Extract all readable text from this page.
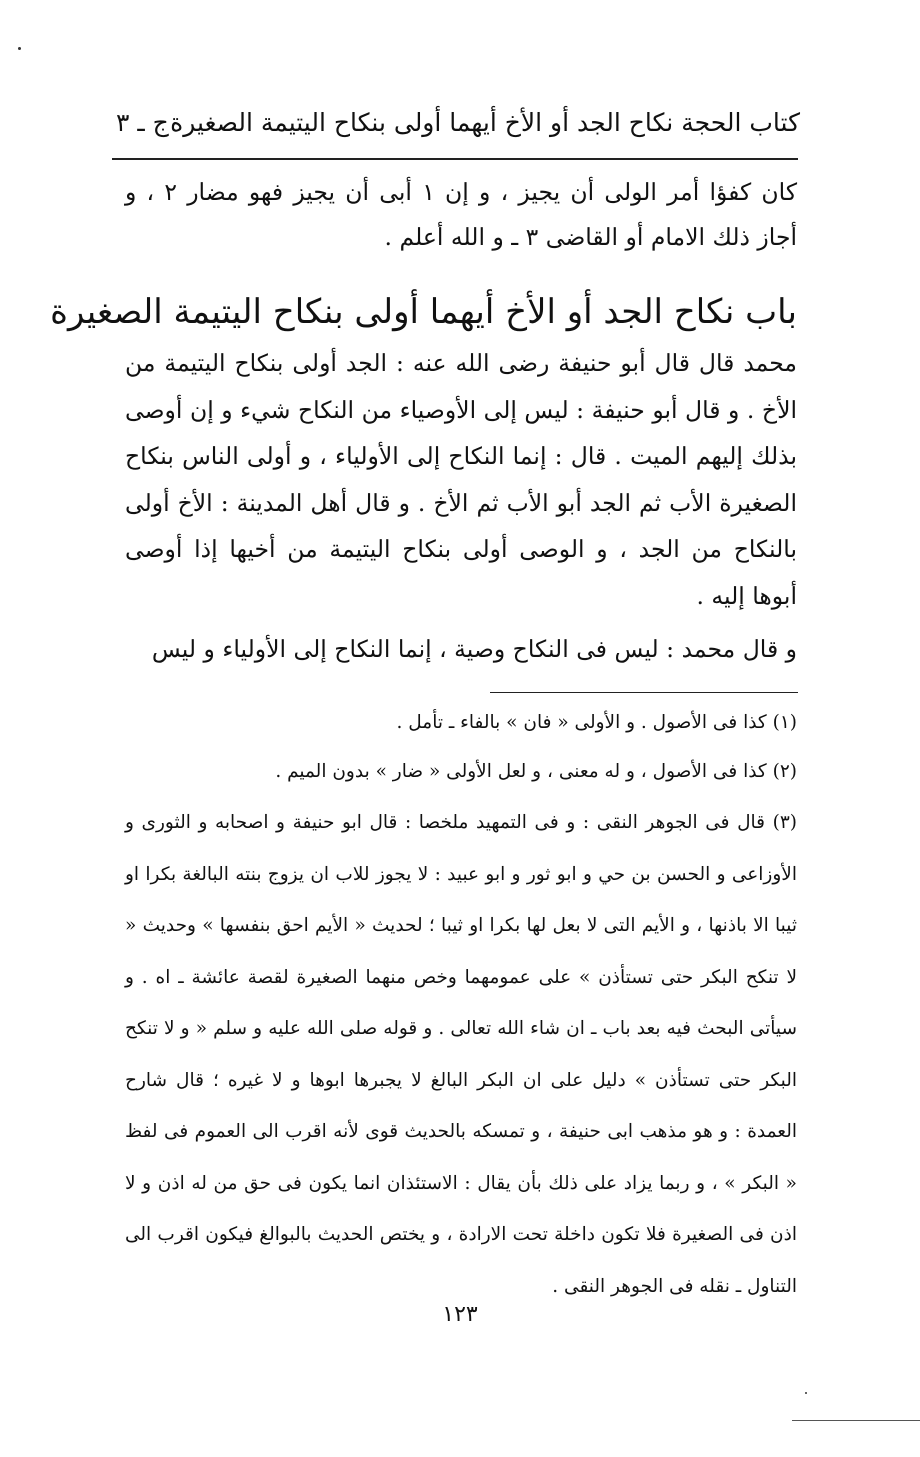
كتاب الحجة نكاح الجد أو الأخ أيهما أولى بنكاح اليتيمة الصغيرة
ج ـ ٣
كان كفؤا أمر الولى أن يجيز ، و إن ١ أبى أن يجيز فهو مضار ٢ ، و أجاز ذلك الامام أو القاضى ٣ ـ و الله أعلم .
باب نكاح الجد أو الأخ أيهما أولى بنكاح اليتيمة الصغيرة
محمد قال قال أبو حنيفة رضى الله عنه : الجد أولى بنكاح اليتيمة من الأخ . و قال أبو حنيفة : ليس إلى الأوصياء من النكاح شيء و إن أوصى بذلك إليهم الميت . قال : إنما النكاح إلى الأولياء ، و أولى الناس بنكاح الصغيرة الأب ثم الجد أبو الأب ثم الأخ . و قال أهل المدينة : الأخ أولى بالنكاح من الجد ، و الوصى أولى بنكاح اليتيمة من أخيها إذا أوصى أبوها إليه .
و قال محمد : ليس فى النكاح وصية ، إنما النكاح إلى الأولياء و ليس
(١) كذا فى الأصول . و الأولى « فان » بالفاء ـ تأمل .
(٢) كذا فى الأصول ، و له معنى ، و لعل الأولى « ضار » بدون الميم .
(٣) قال فى الجوهر النقى : و فى التمهيد ملخصا : قال ابو حنيفة و اصحابه و الثورى و الأوزاعى و الحسن بن حي و ابو ثور و ابو عبيد : لا يجوز للاب ان يزوج بنته البالغة بكرا او ثيبا الا باذنها ، و الأيم التى لا بعل لها بكرا او ثيبا ؛ لحديث « الأيم احق بنفسها » وحديث « لا تنكح البكر حتى تستأذن » على عمومهما وخص منهما الصغيرة لقصة عائشة ـ اه . و سيأتى البحث فيه بعد باب ـ ان شاء الله تعالى . و قوله صلى الله عليه و سلم « و لا تنكح البكر حتى تستأذن » دليل على ان البكر البالغ لا يجبرها ابوها و لا غيره ؛ قال شارح العمدة : و هو مذهب ابى حنيفة ، و تمسكه بالحديث قوى لأنه اقرب الى العموم فى لفظ « البكر » ، و ربما يزاد على ذلك بأن يقال : الاستئذان انما يكون فى حق من له اذن و لا اذن فى الصغيرة فلا تكون داخلة تحت الارادة ، و يختص الحديث بالبوالغ فيكون اقرب الى التناول ـ نقله فى الجوهر النقى .
١٢٣
